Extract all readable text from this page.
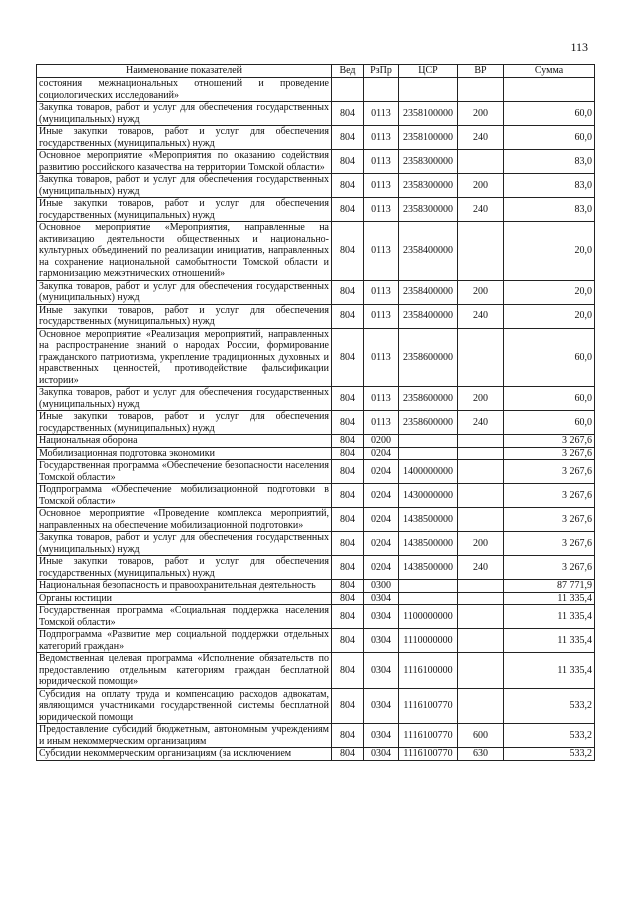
113
Наименование показателей	Вед	РзПр	ЦСР	ВР	Сумма
состояния межнациональных отношений и проведение социологических исследований»					
Закупка товаров, работ и услуг для обеспечения государственных (муниципальных) нужд	804	0113	2358100000	200	60,0
Иные закупки товаров, работ и услуг для обеспечения государственных (муниципальных) нужд	804	0113	2358100000	240	60,0
Основное мероприятие «Мероприятия по оказанию содействия развитию российского казачества на территории Томской области»	804	0113	2358300000		83,0
Закупка товаров, работ и услуг для обеспечения государственных (муниципальных) нужд	804	0113	2358300000	200	83,0
Иные закупки товаров, работ и услуг для обеспечения государственных (муниципальных) нужд	804	0113	2358300000	240	83,0
Основное мероприятие «Мероприятия, направленные на активизацию деятельности общественных и национально-культурных объединений по реализации инициатив, направленных на сохранение национальной самобытности Томской области и гармонизацию межэтнических отношений»	804	0113	2358400000		20,0
Закупка товаров, работ и услуг для обеспечения государственных (муниципальных) нужд	804	0113	2358400000	200	20,0
Иные закупки товаров, работ и услуг для обеспечения государственных (муниципальных) нужд	804	0113	2358400000	240	20,0
Основное мероприятие «Реализация мероприятий, направленных на распространение знаний о народах России, формирование гражданского патриотизма, укрепление традиционных духовных и нравственных ценностей, противодействие фальсификации истории»	804	0113	2358600000		60,0
Закупка товаров, работ и услуг для обеспечения государственных (муниципальных) нужд	804	0113	2358600000	200	60,0
Иные закупки товаров, работ и услуг для обеспечения государственных (муниципальных) нужд	804	0113	2358600000	240	60,0
Национальная оборона	804	0200			3 267,6
Мобилизационная подготовка экономики	804	0204			3 267,6
Государственная программа «Обеспечение безопасности населения Томской области»	804	0204	1400000000		3 267,6
Подпрограмма «Обеспечение мобилизационной подготовки в Томской области»	804	0204	1430000000		3 267,6
Основное мероприятие «Проведение комплекса мероприятий, направленных на обеспечение мобилизационной подготовки»	804	0204	1438500000		3 267,6
Закупка товаров, работ и услуг для обеспечения государственных (муниципальных) нужд	804	0204	1438500000	200	3 267,6
Иные закупки товаров, работ и услуг для обеспечения государственных (муниципальных) нужд	804	0204	1438500000	240	3 267,6
Национальная безопасность и правоохранительная деятельность	804	0300			87 771,9
Органы юстиции	804	0304			11 335,4
Государственная программа «Социальная поддержка населения Томской области»	804	0304	1100000000		11 335,4
Подпрограмма «Развитие мер социальной поддержки отдельных категорий граждан»	804	0304	1110000000		11 335,4
Ведомственная целевая программа «Исполнение обязательств по предоставлению отдельным категориям граждан бесплатной юридической помощи»	804	0304	1116100000		11 335,4
Субсидия на оплату труда и компенсацию расходов адвокатам, являющимся участниками государственной системы бесплатной юридической помощи	804	0304	1116100770		533,2
Предоставление субсидий бюджетным, автономным учреждениям и иным некоммерческим организациям	804	0304	1116100770	600	533,2

Субсидии некоммерческим организациям (за исключением	804	0304	1116100770	630	533,2
